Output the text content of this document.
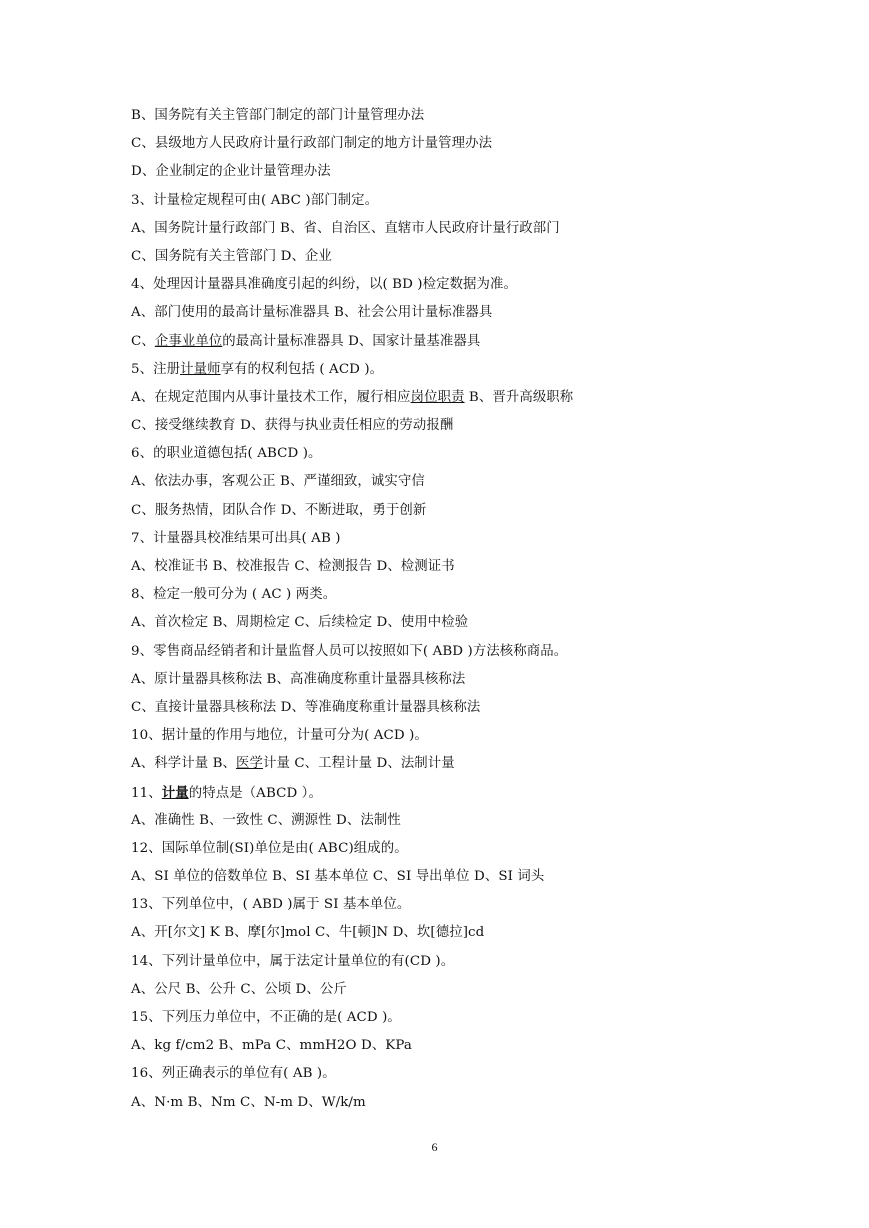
B、国务院有关主管部门制定的部门计量管理办法
C、县级地方人民政府计量行政部门制定的地方计量管理办法
D、企业制定的企业计量管理办法
3、计量检定规程可由( ABC )部门制定。
A、国务院计量行政部门 B、省、自治区、直辖市人民政府计量行政部门
C、国务院有关主管部门 D、企业
4、处理因计量器具准确度引起的纠纷，以( BD )检定数据为准。
A、部门使用的最高计量标准器具 B、社会公用计量标准器具
C、企事业单位的最高计量标准器具 D、国家计量基准器具
5、注册计量师享有的权利包括 ( ACD )。
A、在规定范围内从事计量技术工作，履行相应岗位职责 B、晋升高级职称
C、接受继续教育 D、获得与执业责任相应的劳动报酬
6、的职业道德包括( ABCD )。
A、依法办事，客观公正 B、严谨细致，诚实守信
C、服务热情，团队合作 D、不断进取，勇于创新
7、计量器具校准结果可出具( AB )
A、校准证书 B、校准报告 C、检测报告 D、检测证书
8、检定一般可分为 ( AC ) 两类。
A、首次检定 B、周期检定 C、后续检定 D、使用中检验
9、零售商品经销者和计量监督人员可以按照如下( ABD )方法核称商品。
A、原计量器具核称法 B、高准确度称重计量器具核称法
C、直接计量器具核称法 D、等准确度称重计量器具核称法
10、据计量的作用与地位，计量可分为( ACD )。
A、科学计量 B、医学计量 C、工程计量 D、法制计量
11、计量的特点是（ABCD ）。
A、准确性 B、一致性 C、溯源性 D、法制性
12、国际单位制(SI)单位是由( ABC)组成的。
A、SI 单位的倍数单位 B、SI 基本单位 C、SI 导出单位 D、SI 词头
13、下列单位中，( ABD )属于 SI 基本单位。
A、开[尔文] K B、摩[尔]mol C、牛[顿]N D、坎[德拉]cd
14、下列计量单位中，属于法定计量单位的有(CD )。
A、公尺 B、公升 C、公顷 D、公斤
15、下列压力单位中，不正确的是( ACD )。
A、kg f/cm2 B、mPa C、mmH2O D、KPa
16、列正确表示的单位有( AB )。
A、N·m B、Nm C、N-m D、W/k/m
6
